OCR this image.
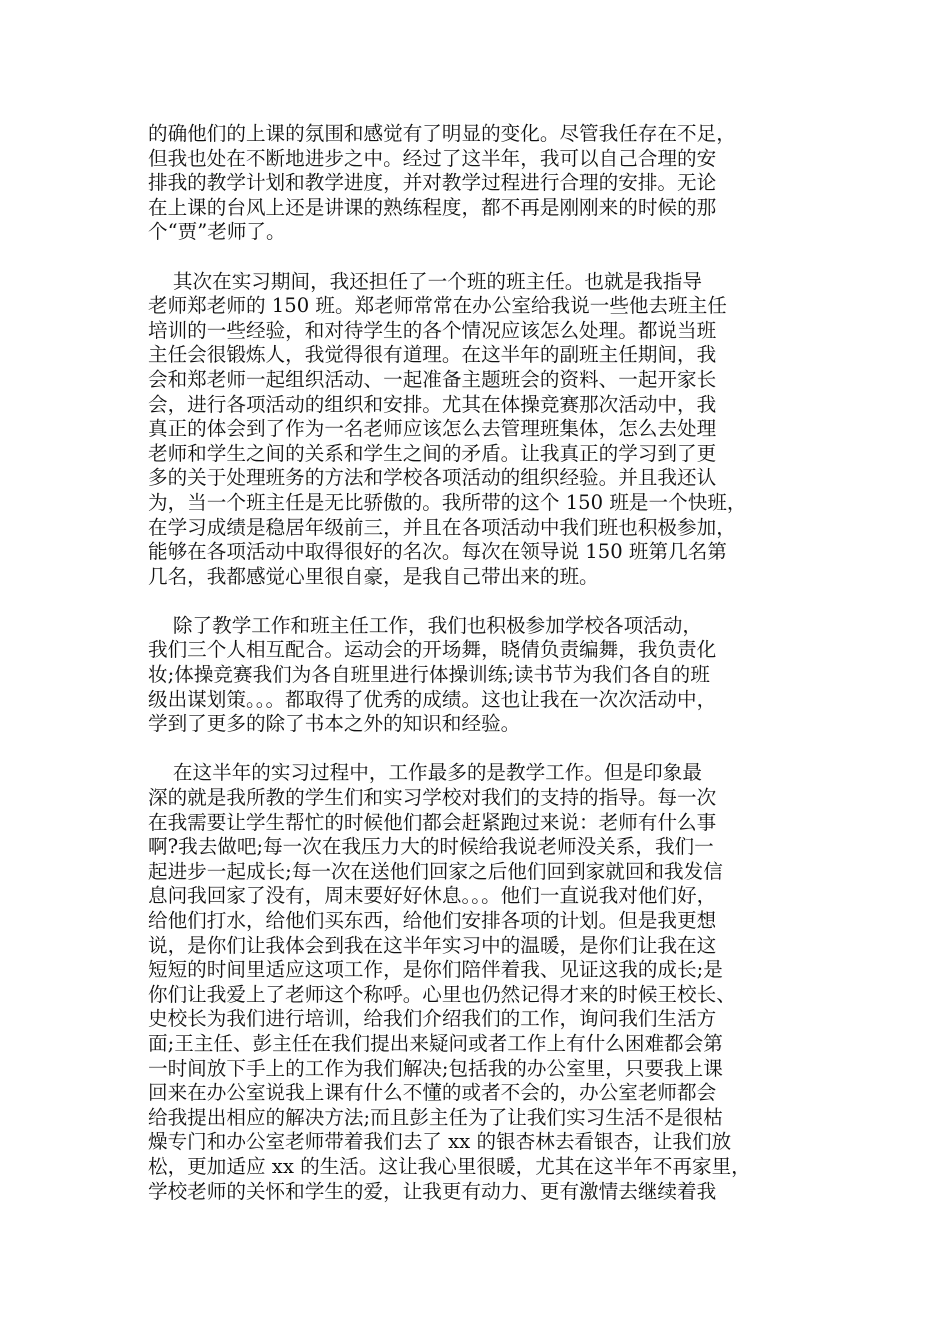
的确他们的上课的氛围和感觉有了明显的变化。尽管我任存在不足，
但我也处在不断地进步之中。经过了这半年，我可以自己合理的安
排我的教学计划和教学进度，并对教学过程进行合理的安排。无论
在上课的台风上还是讲课的熟练程度，都不再是刚刚来的时候的那
个“贾”老师了。
其次在实习期间，我还担任了一个班的班主任。也就是我指导
老师郑老师的 150 班。郑老师常常在办公室给我说一些他去班主任
培训的一些经验，和对待学生的各个情况应该怎么处理。都说当班
主任会很锻炼人，我觉得很有道理。在这半年的副班主任期间，我
会和郑老师一起组织活动、一起准备主题班会的资料、一起开家长
会，进行各项活动的组织和安排。尤其在体操竞赛那次活动中，我
真正的体会到了作为一名老师应该怎么去管理班集体，怎么去处理
老师和学生之间的关系和学生之间的矛盾。让我真正的学习到了更
多的关于处理班务的方法和学校各项活动的组织经验。并且我还认
为，当一个班主任是无比骄傲的。我所带的这个 150 班是一个快班，
在学习成绩是稳居年级前三，并且在各项活动中我们班也积极参加，
能够在各项活动中取得很好的名次。每次在领导说 150 班第几名第
几名，我都感觉心里很自豪，是我自己带出来的班。
除了教学工作和班主任工作，我们也积极参加学校各项活动，
我们三个人相互配合。运动会的开场舞，晓倩负责编舞，我负责化
妆;体操竞赛我们为各自班里进行体操训练;读书节为我们各自的班
级出谋划策。。。都取得了优秀的成绩。这也让我在一次次活动中，
学到了更多的除了书本之外的知识和经验。
在这半年的实习过程中，工作最多的是教学工作。但是印象最
深的就是我所教的学生们和实习学校对我们的支持的指导。每一次
在我需要让学生帮忙的时候他们都会赶紧跑过来说：老师有什么事
啊?我去做吧;每一次在我压力大的时候给我说老师没关系，我们一
起进步一起成长;每一次在送他们回家之后他们回到家就回和我发信
息问我回家了没有，周末要好好休息。。。他们一直说我对他们好，
给他们打水，给他们买东西，给他们安排各项的计划。但是我更想
说，是你们让我体会到我在这半年实习中的温暖，是你们让我在这
短短的时间里适应这项工作，是你们陪伴着我、见证这我的成长;是
你们让我爱上了老师这个称呼。心里也仍然记得才来的时候王校长、
史校长为我们进行培训，给我们介绍我们的工作，询问我们生活方
面;王主任、彭主任在我们提出来疑问或者工作上有什么困难都会第
一时间放下手上的工作为我们解决;包括我的办公室里，只要我上课
回来在办公室说我上课有什么不懂的或者不会的，办公室老师都会
给我提出相应的解决方法;而且彭主任为了让我们实习生活不是很枯
燥专门和办公室老师带着我们去了 xx 的银杏林去看银杏，让我们放
松，更加适应 xx 的生活。这让我心里很暖，尤其在这半年不再家里，
学校老师的关怀和学生的爱，让我更有动力、更有激情去继续着我
